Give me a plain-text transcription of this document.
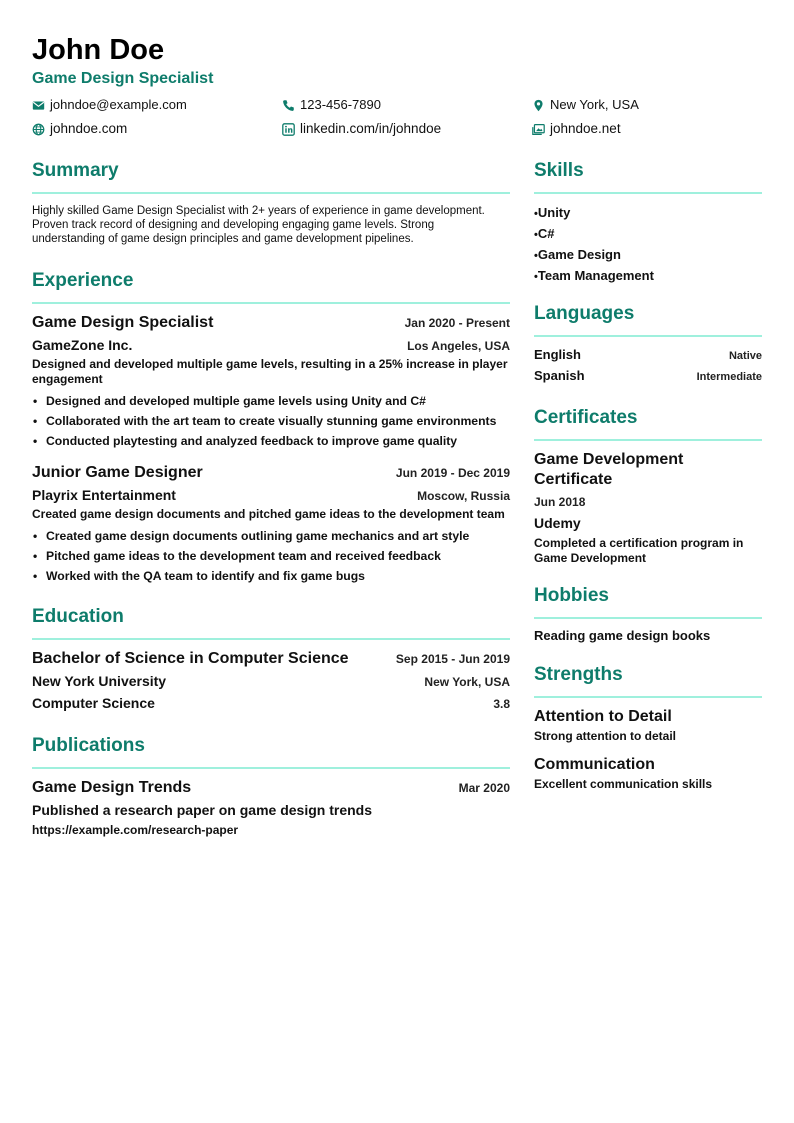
John Doe
Game Design Specialist
johndoe@example.com	123-456-7890	New York, USA
johndoe.com	linkedin.com/in/johndoe	johndoe.net
Summary
Highly skilled Game Design Specialist with 2+ years of experience in game development. Proven track record of designing and developing engaging game levels. Strong understanding of game design principles and game development pipelines.
Experience
Game Design Specialist	Jan 2020 - Present
GameZone Inc.	Los Angeles, USA
Designed and developed multiple game levels, resulting in a 25% increase in player engagement
• Designed and developed multiple game levels using Unity and C#
• Collaborated with the art team to create visually stunning game environments
• Conducted playtesting and analyzed feedback to improve game quality
Junior Game Designer	Jun 2019 - Dec 2019
Playrix Entertainment	Moscow, Russia
Created game design documents and pitched game ideas to the development team
• Created game design documents outlining game mechanics and art style
• Pitched game ideas to the development team and received feedback
• Worked with the QA team to identify and fix game bugs
Education
Bachelor of Science in Computer Science	Sep 2015 - Jun 2019
New York University	New York, USA
Computer Science	3.8
Publications
Game Design Trends	Mar 2020
Published a research paper on game design trends
https://example.com/research-paper
Skills
• Unity
• C#
• Game Design
• Team Management
Languages
English	Native
Spanish	Intermediate
Certificates
Game Development Certificate
Jun 2018
Udemy
Completed a certification program in Game Development
Hobbies
Reading game design books
Strengths
Attention to Detail
Strong attention to detail
Communication
Excellent communication skills
